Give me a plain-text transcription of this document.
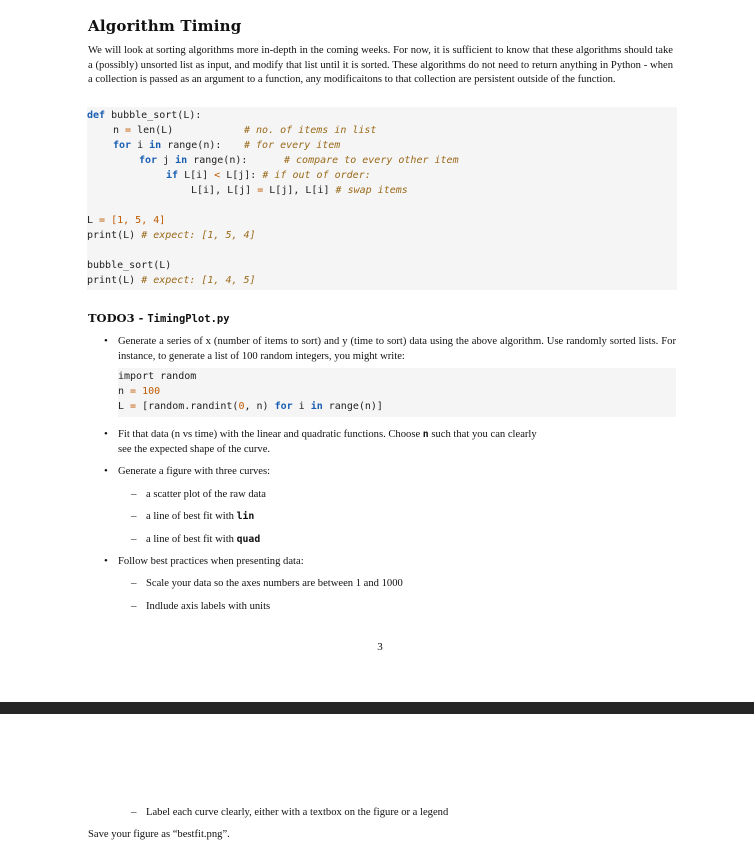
Algorithm Timing

We will look at sorting algorithms more in-depth in the coming weeks. For now, it is sufficient to know that these algorithms should take a (possibly) unsorted list as input, and modify that list until it is sorted. These algorithms do not need to return anything in Python - when a collection is passed as an argument to a function, any modificaitons to that collection are persistent outside of the function.

def bubble_sort(L):

n = len(L)

	# no. of items in list

for i in range(n):

# for every item

for j in range(n):

	# compare to every other item

if L[i] < L[j]: # if out of order:

L[i], L[j] = L[j], L[i] # swap items

L = [1, 5, 4]

print(L) # expect: [1, 5, 4]

bubble_sort(L)

print(L) # expect: [1, 4, 5]

TODO3 - TimingPlot.py
• Generate a series of x (number of items to sort) and y (time to sort) data using the above algorithm. Use randomly sorted lists. For instance, to generate a list of 100 random integers, you might write:

import random

n = 100

L = [random.randint(0, n) for i in range(n)]

• Fit that data (n vs time) with the linear and quadratic functions. Choose n such that you can clearly
see the expected shape of the curve.
• Generate a figure with three curves:
– a scatter plot of the raw data
– a line of best fit with lin
– a line of best fit with quad
• Follow best practices when presenting data:
– Scale your data so the axes numbers are between 1 and 1000
– Indlude axis labels with units
3
– Label each curve clearly, either with a textbox on the figure or a legend
Save your figure as “bestfit.png”.
